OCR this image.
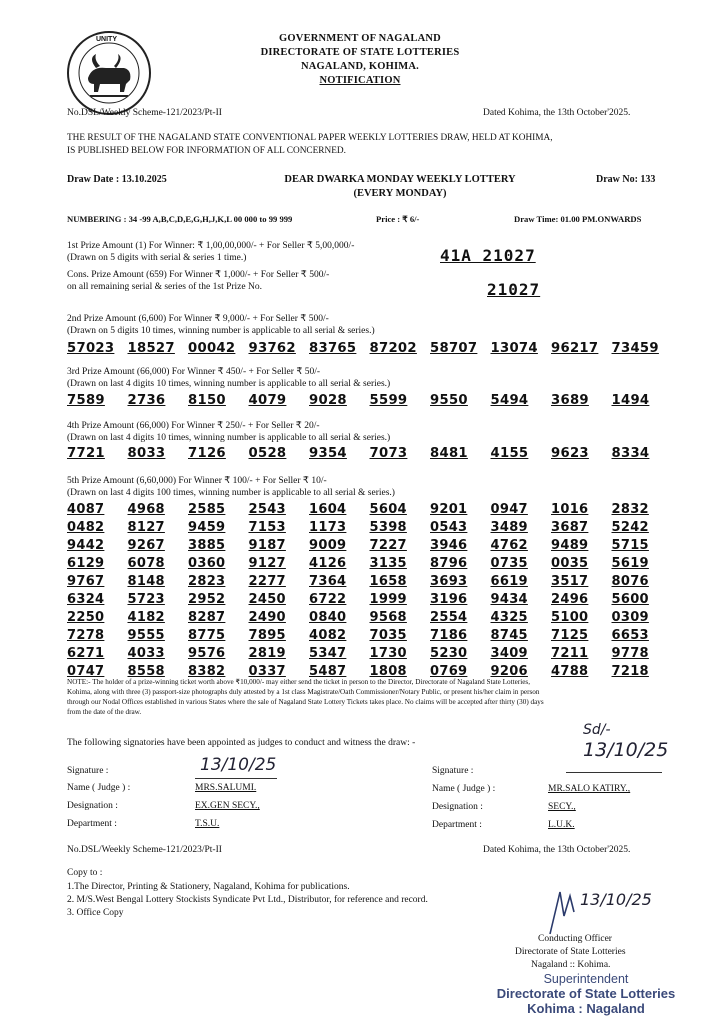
UNITY	GOVERNMENT OF NAGALAND
DIRECTORATE OF STATE LOTTERIES
NAGALAND, KOHIMA.
NOTIFICATION
No.DSL/Weekly Scheme-121/2023/Pt-II	Dated Kohima, the 13th October'2025.
THE RESULT OF THE NAGALAND STATE CONVENTIONAL PAPER WEEKLY LOTTERIES DRAW, HELD AT KOHIMA,
IS PUBLISHED BELOW FOR INFORMATION OF ALL CONCERNED.
Draw Date : 13.10.2025	DEAR DWARKA MONDAY WEEKLY LOTTERY
(EVERY MONDAY)
Draw No: 133
NUMBERING : 34 -99 A,B,C,D,E,G,H,J,K,L 00 000 to 99 999	Price : ₹ 6/-	Draw Time: 01.00 PM.ONWARDS
1st Prize Amount (1) For Winner: ₹ 1,00,00,000/- + For Seller ₹ 5,00,000/-
(Drawn on 5 digits with serial & series 1 time.)	41A 21027
Cons. Prize Amount (659) For Winner ₹ 1,000/- + For Seller ₹ 500/-
on all remaining serial & series of the 1st Prize No.	21027
2nd Prize Amount (6,600) For Winner ₹ 9,000/- + For Seller ₹ 500/-
(Drawn on 5 digits 10 times, winning number is applicable to all serial & series.)
57023 18527 00042 93762 83765 87202 58707 13074 96217 73459
3rd Prize Amount (66,000) For Winner ₹ 450/- + For Seller ₹ 50/-
(Drawn on last 4 digits 10 times, winning number is applicable to all serial & series.)
7589	2736	8150	4079	9028	5599	9550	5494	3689	1494
4th Prize Amount (66,000) For Winner ₹ 250/- + For Seller ₹ 20/-
(Drawn on last 4 digits 10 times, winning number is applicable to all serial & series.)
7721	8033	7126	0528	9354	7073	8481	4155	9623	8334
5th Prize Amount (6,60,000) For Winner ₹ 100/- + For Seller ₹ 10/-
(Drawn on last 4 digits 100 times, winning number is applicable to all serial & series.)
4087	4968	2585	2543	1604	5604	9201	0947	1016	2832
0482	8127	9459	7153	1173	5398	0543	3489	3687	5242
9442	9267	3885	9187	9009	7227	3946	4762	9489	5715
6129	6078	0360	9127	4126	3135	8796	0735	0035	5619
9767	8148	2823	2277	7364	1658	3693	6619	3517	8076
6324	5723	2952	2450	6722	1999	3196	9434	2496	5600
2250	4182	8287	2490	0840	9568	2554	4325	5100	0309
7278	9555	8775	7895	4082	7035	7186	8745	7125	6653
6271	4033	9576	2819	5347	1730	5230	3409	7211	9778
0747	8558	8382	0337	5487	1808	0769	9206	4788	7218
NOTE:- The holder of a prize-winning ticket worth above ₹10,000/- may either send the ticket in person to the Director, Directorate of Nagaland State Lotteries,
Kohima, along with three (3) passport-size photographs duly attested by a 1st class Magistrate/Oath Commissioner/Notary Public, or present his/her claim in person
through our Nodal Offices established in various States where the sale of Nagaland State Lottery Tickets takes place. No claims will be accepted after thirty (30) days
from the date of the draw.
The following signatories have been appointed as judges to conduct and witness the draw: -
Sd/-
13/10/25
Signature :	13/10/25
Name ( Judge ) :	MRS.SALUMI.
Designation :	EX.GEN SECY.,
Department :	T.S.U.
Signature :
Name ( Judge ) :	MR.SALO KATIRY.,
Designation :	SECY.,
Department :	L.U.K.
No.DSL/Weekly Scheme-121/2023/Pt-II	Dated Kohima, the 13th October'2025.
Copy to :
1.The Director, Printing & Stationery, Nagaland, Kohima for publications.
2. M/S.West Bengal Lottery Stockists Syndicate Pvt Ltd., Distributor, for reference and record.
3. Office Copy
13/10/25
Conducting Officer
Directorate of State Lotteries
Nagaland :: Kohima.
Superintendent
Directorate of State Lotteries
Kohima : Nagaland
